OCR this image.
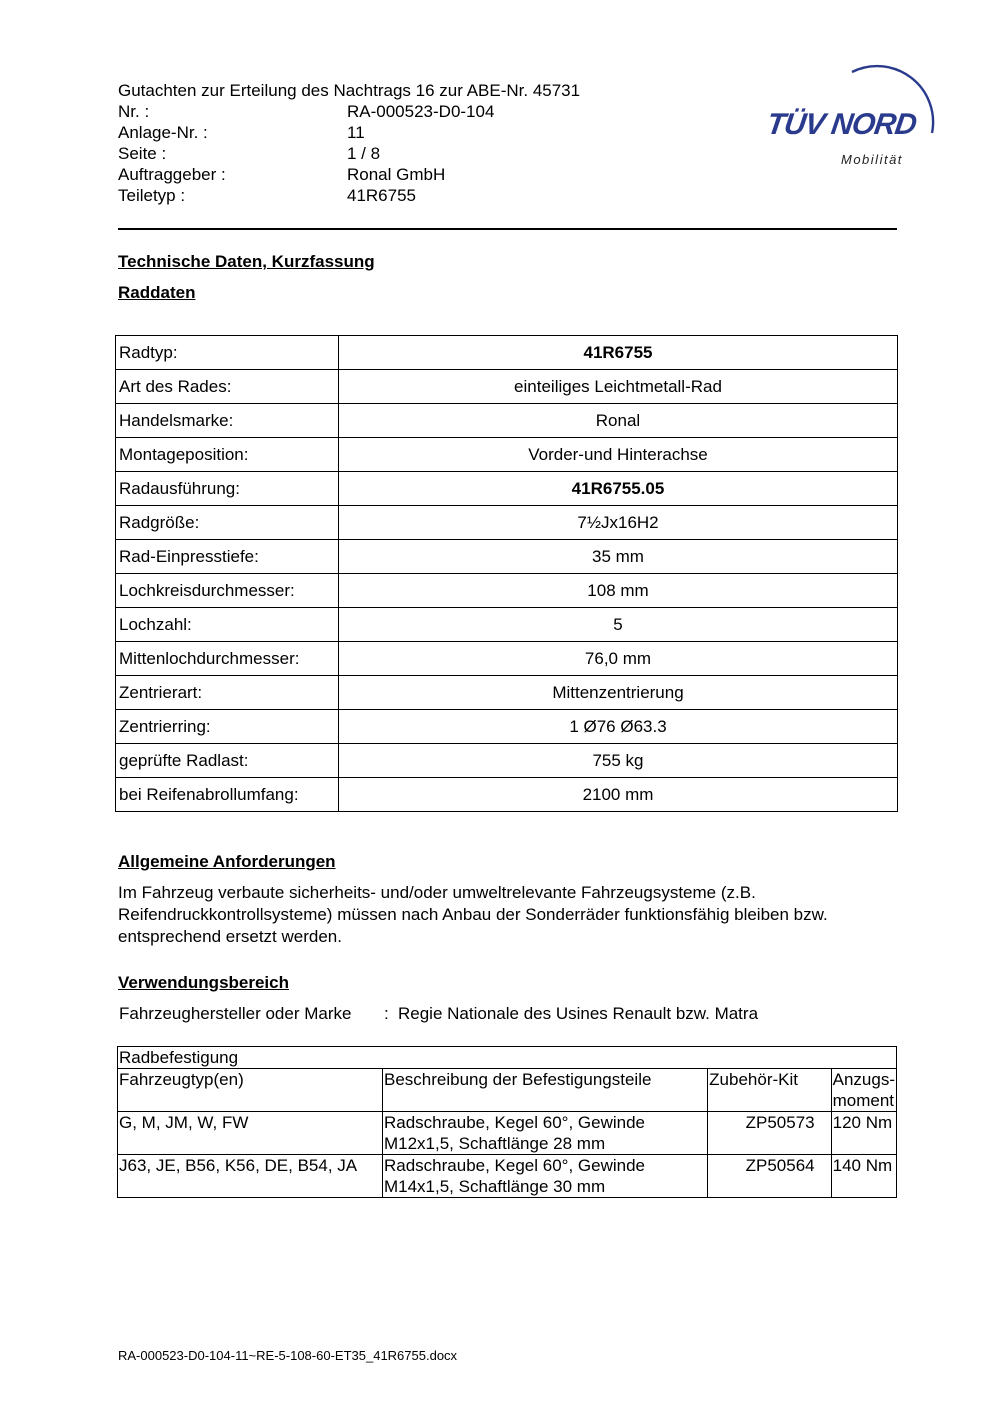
Gutachten zur Erteilung des Nachtrags 16 zur ABE-Nr. 45731
Nr. :	RA-000523-D0-104
Anlage-Nr. :	11
Seite :	1 / 8
Auftraggeber :	Ronal GmbH
Teiletyp :	41R6755
TÜV NORD
Mobilität
Technische Daten, Kurzfassung
Raddaten
Radtyp:	41R6755
Art des Rades:	einteiliges Leichtmetall-Rad
Handelsmarke:	Ronal
Montageposition:	Vorder-und Hinterachse
Radausführung:	41R6755.05
Radgröße:	7½Jx16H2
Rad-Einpresstiefe:	35 mm
Lochkreisdurchmesser:	108 mm
Lochzahl:	5
Mittenlochdurchmesser:	76,0 mm
Zentrierart:	Mittenzentrierung
Zentrierring:	1 Ø76 Ø63.3
geprüfte Radlast:	755 kg
bei Reifenabrollumfang:	2100 mm
Allgemeine Anforderungen
Im Fahrzeug verbaute sicherheits- und/oder umweltrelevante Fahrzeugsysteme (z.B.
Reifendruckkontrollsysteme) müssen nach Anbau der Sonderräder funktionsfähig bleiben bzw.
entsprechend ersetzt werden.
Verwendungsbereich
Fahrzeughersteller oder Marke : Regie Nationale des Usines Renault bzw. Matra
Radbefestigung			
Fahrzeugtyp(en)	Beschreibung der Befestigungsteile	Zubehör-Kit	Anzugs-
moment

G, M, JM, W, FW	Radschraube, Kegel 60°, Gewinde
M12x1,5, Schaftlänge 28 mm	ZP50573	120 Nm
J63, JE, B56, K56, DE, B54, JA	Radschraube, Kegel 60°, Gewinde
M14x1,5, Schaftlänge 30 mm	ZP50564	140 Nm
RA-000523-D0-104-11~RE-5-108-60-ET35_41R6755.docx
